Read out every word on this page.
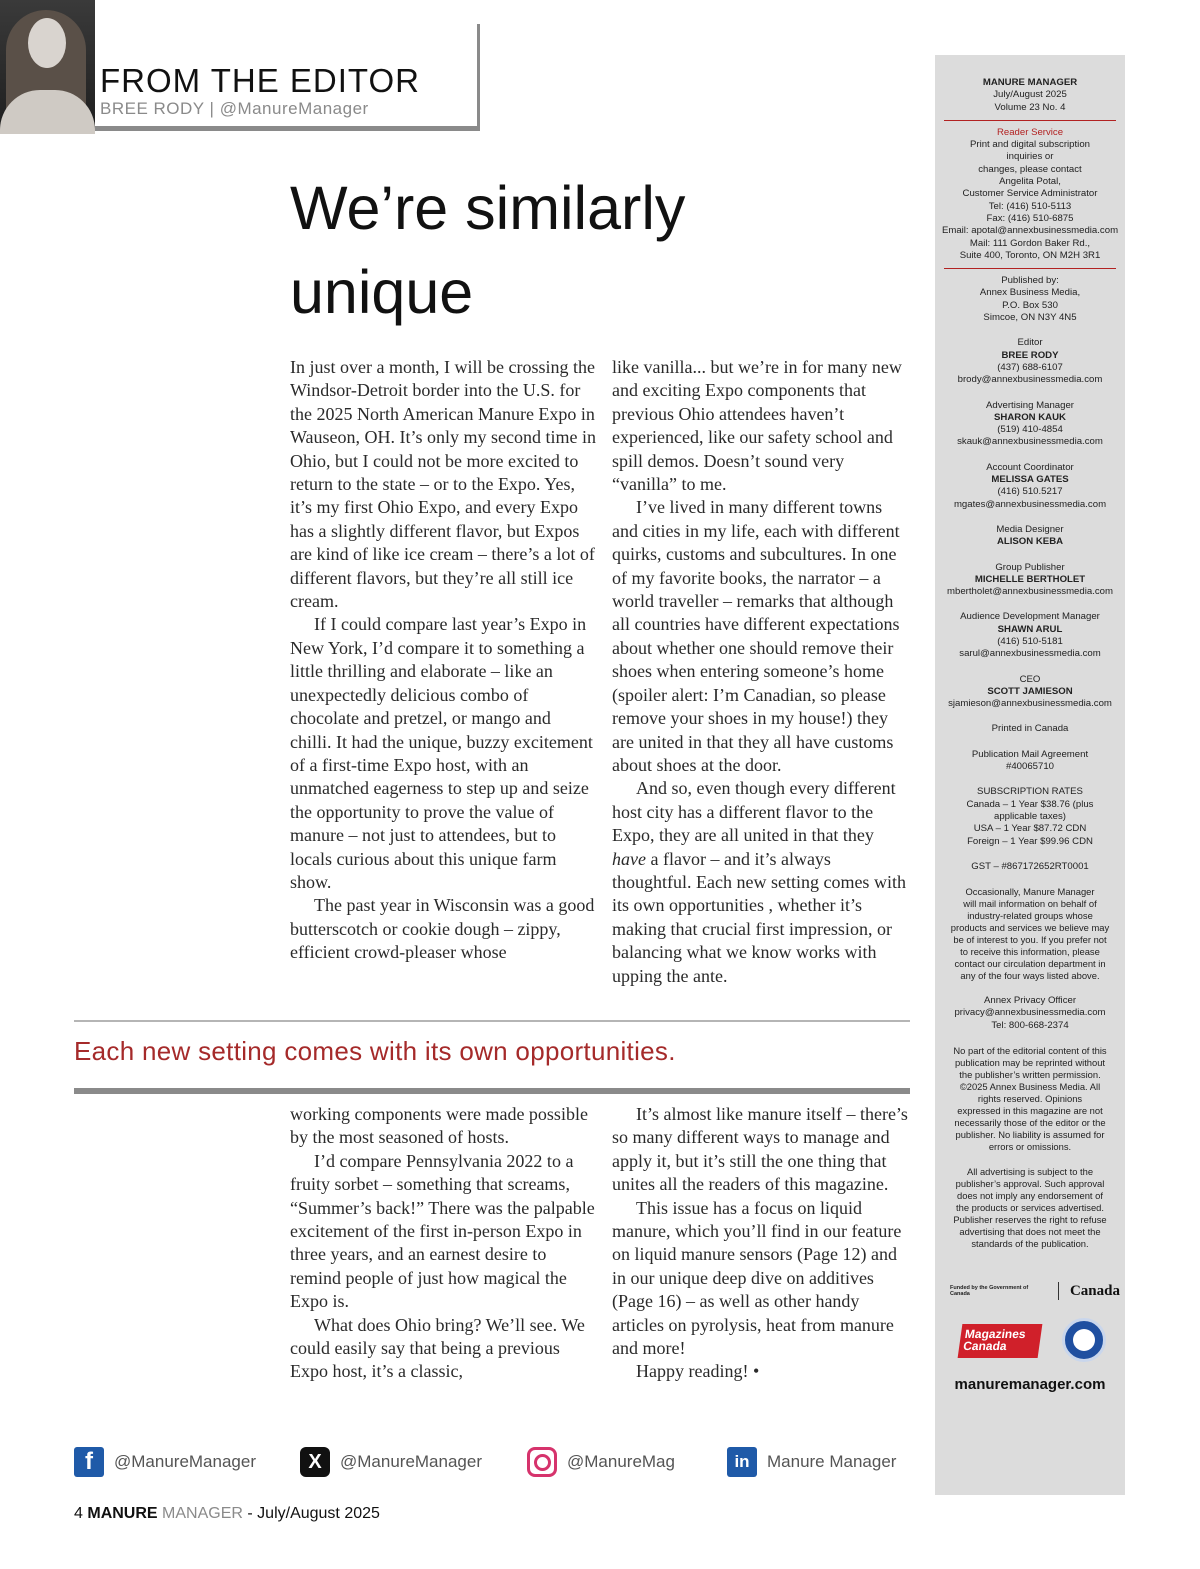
FROM THE EDITOR
BREE RODY | @ManureManager
We’re similarly
unique

In just over a month, I will be crossing the Windsor-Detroit border into the U.S. for the 2025 North American Manure Expo in Wauseon, OH. It’s only my second time in Ohio, but I could not be more excited to return to the state – or to the Expo. Yes, it’s my first Ohio Expo, and every Expo has a slightly different flavor, but Expos are kind of like ice cream – there’s a lot of different flavors, but they’re all still ice cream.

If I could compare last year’s Expo in New York, I’d compare it to something a little thrilling and elaborate – like an unexpectedly delicious combo of chocolate and pretzel, or mango and chilli. It had the unique, buzzy excitement of a first-time Expo host, with an unmatched eagerness to step up and seize the opportunity to prove the value of manure – not just to attendees, but to locals curious about this unique farm show.

The past year in Wisconsin was a good butterscotch or cookie dough – zippy, efficient crowd-pleaser whose

like vanilla... but we’re in for many new and exciting Expo components that previous Ohio attendees haven’t experienced, like our safety school and spill demos. Doesn’t sound very “vanilla” to me.

I’ve lived in many different towns and cities in my life, each with different quirks, customs and subcultures. In one of my favorite books, the narrator – a world traveller – remarks that although all countries have different expectations about whether one should remove their shoes when entering someone’s home (spoiler alert: I’m Canadian, so please remove your shoes in my house!) they are united in that they all have customs about shoes at the door.

And so, even though every different host city has a different flavor to the Expo, they are all united in that they have a flavor – and it’s always thoughtful. Each new setting comes with its own opportunities , whether it’s making that crucial first impression, or balancing what we know works with upping the ante.

Each new setting comes with its own opportunities.

working components were made possible by the most seasoned of hosts.

I’d compare Pennsylvania 2022 to a fruity sorbet – something that screams, “Summer’s back!” There was the palpable excitement of the first in-person Expo in three years, and an earnest desire to remind people of just how magical the Expo is.

What does Ohio bring? We’ll see. We could easily say that being a previous Expo host, it’s a classic,

It’s almost like manure itself – there’s so many different ways to manage and apply it, but it’s still the one thing that unites all the readers of this magazine.

This issue has a focus on liquid manure, which you’ll find in our feature on liquid manure sensors (Page 12) and in our unique deep dive on additives (Page 16) – as well as other handy articles on pyrolysis, heat from manure and more!

Happy reading! •

f	@ManureManager	X	@ManureManager	@ManureMag	in	Manure Manager
4 MANURE MANAGER - July/August 2025
MANURE MANAGER
July/August 2025
Volume 23 No. 4
Reader Service
Print and digital subscription
inquiries or
changes, please contact
Angelita Potal,
Customer Service Administrator
Tel: (416) 510-5113
Fax: (416) 510-6875
Email: apotal@annexbusinessmedia.com
Mail: 111 Gordon Baker Rd.,
Suite 400, Toronto, ON M2H 3R1
Published by:
Annex Business Media,
P.O. Box 530
Simcoe, ON N3Y 4N5
Editor
BREE RODY
(437) 688-6107
brody@annexbusinessmedia.com
Advertising Manager
SHARON KAUK
(519) 410-4854
skauk@annexbusinessmedia.com
Account Coordinator
MELISSA GATES
(416) 510.5217
mgates@annexbusinessmedia.com
Media Designer
ALISON KEBA
Group Publisher
MICHELLE BERTHOLET
mbertholet@annexbusinessmedia.com
Audience Development Manager
SHAWN ARUL
(416) 510-5181
sarul@annexbusinessmedia.com
CEO
SCOTT JAMIESON
sjamieson@annexbusinessmedia.com
Printed in Canada
Publication Mail Agreement
#40065710
SUBSCRIPTION RATES
Canada – 1 Year $38.76 (plus
applicable taxes)
USA – 1 Year $87.72 CDN
Foreign – 1 Year $99.96 CDN
GST – #867172652RT0001
Occasionally, Manure Manager
will mail information on behalf of
industry-related groups whose
products and services we believe may
be of interest to you. If you prefer not
to receive this information, please
contact our circulation department in
any of the four ways listed above.
Annex Privacy Officer
privacy@annexbusinessmedia.com
Tel: 800-668-2374
No part of the editorial content of this
publication may be reprinted without
the publisher’s written permission.
©2025 Annex Business Media. All
rights reserved. Opinions
expressed in this magazine are not
necessarily those of the editor or the
publisher. No liability is assumed for
errors or omissions.
All advertising is subject to the
publisher’s approval. Such approval
does not imply any endorsement of
the products or services advertised.
Publisher reserves the right to refuse
advertising that does not meet the
standards of the publication.
Funded by the Government of Canada	Canada
Magazines
Canada
manuremanager.com
